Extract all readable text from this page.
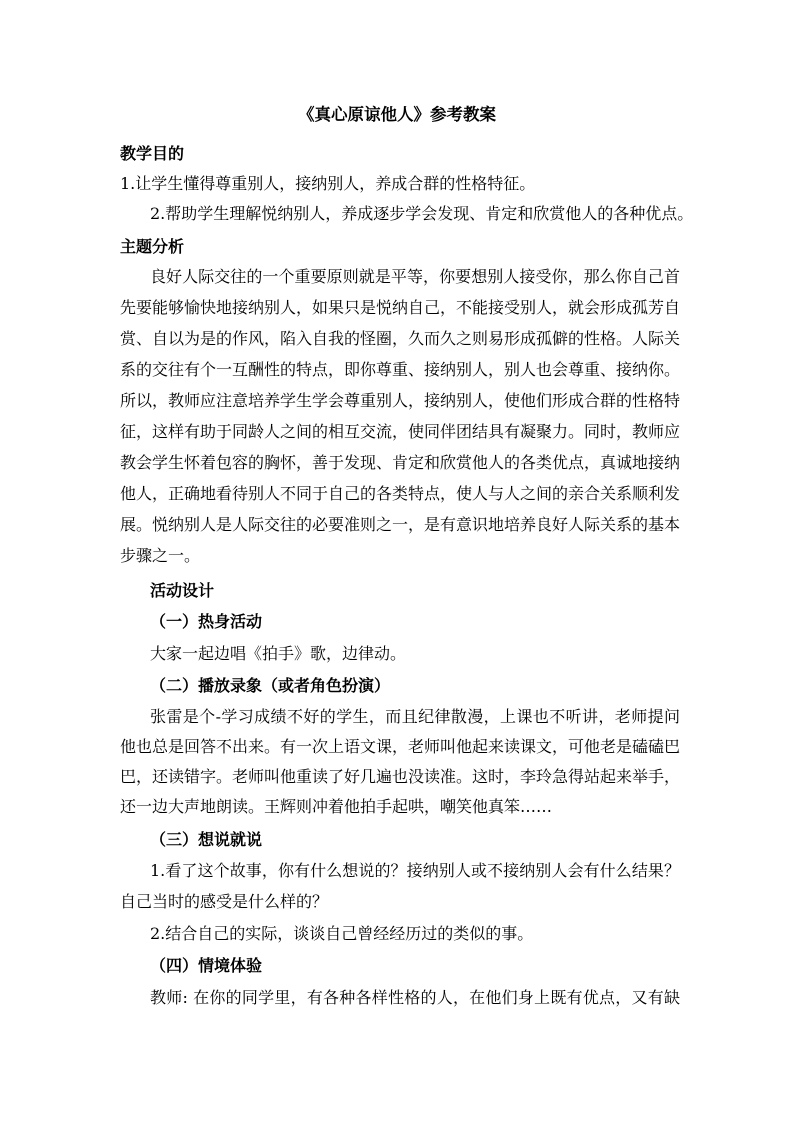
《真心原谅他人》参考教案
教学目的
1.让学生懂得尊重别人，接纳别人，养成合群的性格特征。
2.帮助学生理解悦纳别人，养成逐步学会发现、肯定和欣赏他人的各种优点。
主题分析
良好人际交往的一个重要原则就是平等，你要想别人接受你，那么你自己首
先要能够愉快地接纳别人，如果只是悦纳自己，不能接受别人，就会形成孤芳自
赏、自以为是的作风，陷入自我的怪圈，久而久之则易形成孤僻的性格。人际关
系的交往有个一互酬性的特点，即你尊重、接纳别人，别人也会尊重、接纳你。
所以，教师应注意培养学生学会尊重别人，接纳别人，使他们形成合群的性格特
征，这样有助于同龄人之间的相互交流，使同伴团结具有凝聚力。同时，教师应
教会学生怀着包容的胸怀，善于发现、肯定和欣赏他人的各类优点，真诚地接纳
他人，正确地看待别人不同于自己的各类特点，使人与人之间的亲合关系顺利发
展。悦纳别人是人际交往的必要准则之一，是有意识地培养良好人际关系的基本
步骤之一。
活动设计
（一）热身活动
大家一起边唱《拍手》歌，边律动。
（二）播放录象（或者角色扮演）
张雷是个-学习成绩不好的学生，而且纪律散漫，上课也不听讲，老师提问
他也总是回答不出来。有一次上语文课，老师叫他起来读课文，可他老是磕磕巴
巴，还读错字。老师叫他重读了好几遍也没读准。这时，李玲急得站起来举手，
还一边大声地朗读。王辉则冲着他拍手起哄，嘲笑他真笨……
（三）想说就说
1.看了这个故事，你有什么想说的？接纳别人或不接纳别人会有什么结果？
自己当时的感受是什么样的？
2.结合自己的实际，谈谈自己曾经经历过的类似的事。
（四）情境体验
教师: 在你的同学里，有各种各样性格的人，在他们身上既有优点，又有缺
